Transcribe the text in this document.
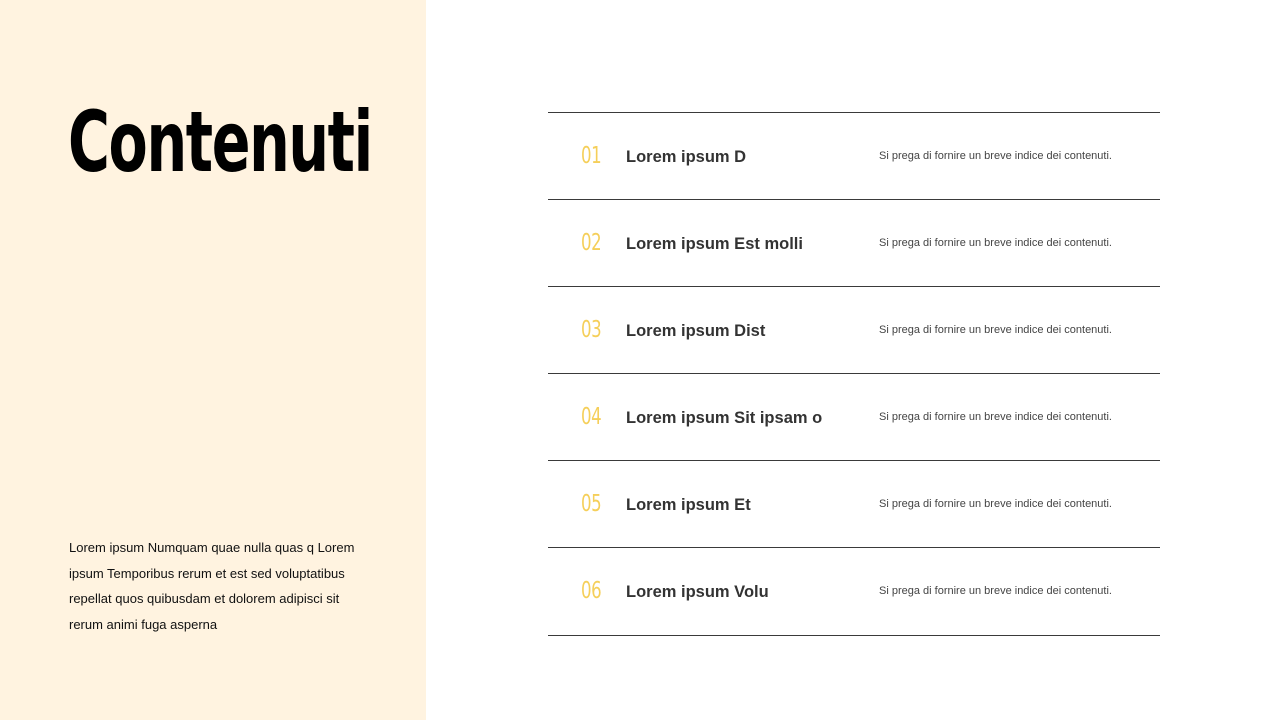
Contenuti

Lorem ipsum Numquam quae nulla quas q Lorem ipsum Temporibus rerum et est sed voluptatibus repellat quos quibusdam et dolorem adipisci sit rerum animi fuga asperna

01	Lorem ipsum D	Si prega di fornire un breve indice dei contenuti.
02	Lorem ipsum Est molli	Si prega di fornire un breve indice dei contenuti.
03	Lorem ipsum Dist	Si prega di fornire un breve indice dei contenuti.
04	Lorem ipsum Sit ipsam o	Si prega di fornire un breve indice dei contenuti.
05	Lorem ipsum Et	Si prega di fornire un breve indice dei contenuti.
06	Lorem ipsum Volu	Si prega di fornire un breve indice dei contenuti.
